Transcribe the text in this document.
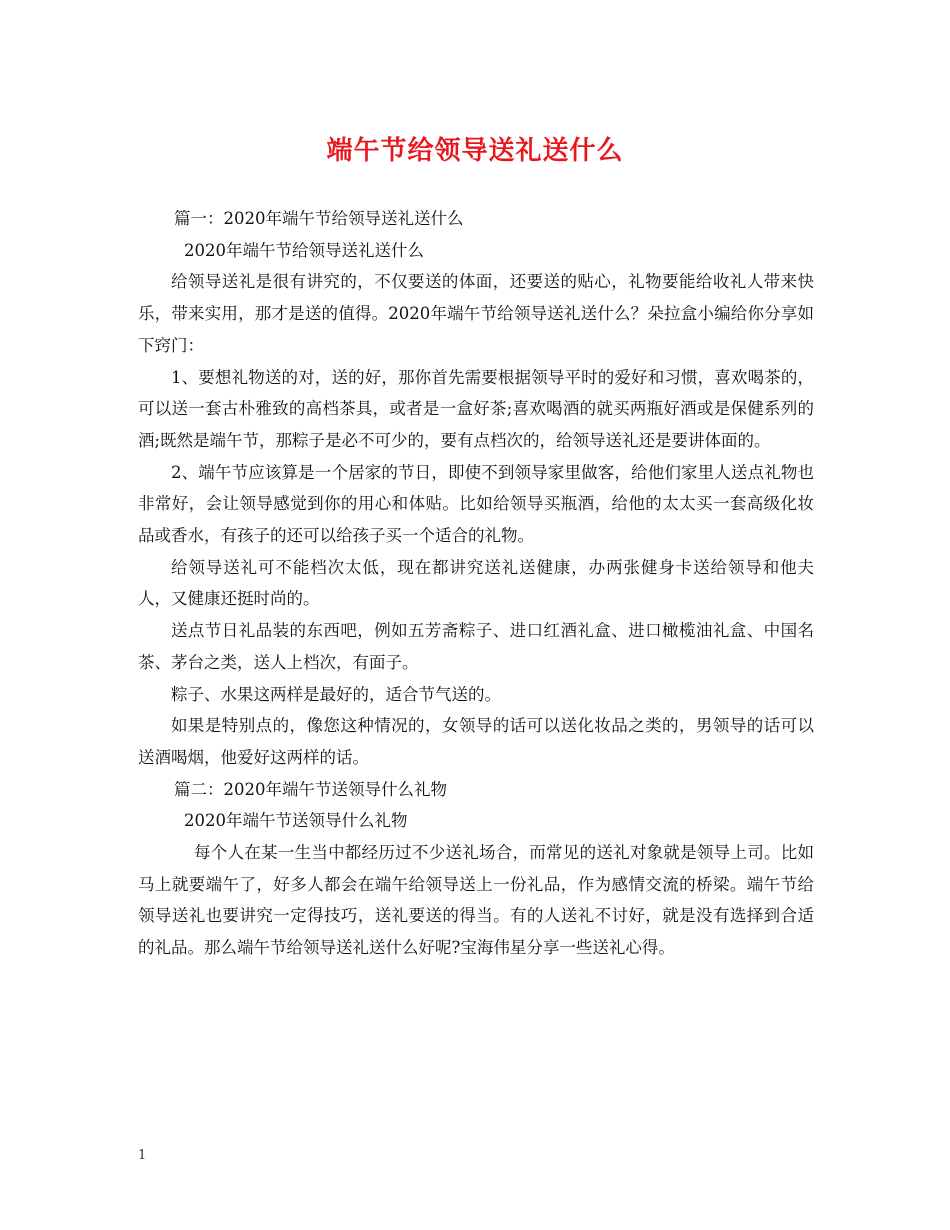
端午节给领导送礼送什么
篇一：2020年端午节给领导送礼送什么
2020年端午节给领导送礼送什么

给领导送礼是很有讲究的，不仅要送的体面，还要送的贴心，礼物要能给收礼人带来快乐，带来实用，那才是送的值得。2020年端午节给领导送礼送什么？朵拉盒小编给你分享如下窍门：

1、要想礼物送的对，送的好，那你首先需要根据领导平时的爱好和习惯，喜欢喝茶的，可以送一套古朴雅致的高档茶具，或者是一盒好茶;喜欢喝酒的就买两瓶好酒或是保健系列的酒;既然是端午节，那粽子是必不可少的，要有点档次的，给领导送礼还是要讲体面的。

2、端午节应该算是一个居家的节日，即使不到领导家里做客，给他们家里人送点礼物也非常好，会让领导感觉到你的用心和体贴。比如给领导买瓶酒，给他的太太买一套高级化妆品或香水，有孩子的还可以给孩子买一个适合的礼物。

给领导送礼可不能档次太低，现在都讲究送礼送健康，办两张健身卡送给领导和他夫人，又健康还挺时尚的。

送点节日礼品装的东西吧，例如五芳斋粽子、进口红酒礼盒、进口橄榄油礼盒、中国名茶、茅台之类，送人上档次，有面子。

粽子、水果这两样是最好的，适合节气送的。

如果是特别点的，像您这种情况的，女领导的话可以送化妆品之类的，男领导的话可以送酒喝烟，他爱好这两样的话。

篇二：2020年端午节送领导什么礼物
2020年端午节送领导什么礼物

每个人在某一生当中都经历过不少送礼场合，而常见的送礼对象就是领导上司。比如马上就要端午了，好多人都会在端午给领导送上一份礼品，作为感情交流的桥梁。端午节给领导送礼也要讲究一定得技巧，送礼要送的得当。有的人送礼不讨好，就是没有选择到合适的礼品。那么端午节给领导送礼送什么好呢?宝海伟星分享一些送礼心得。

1
